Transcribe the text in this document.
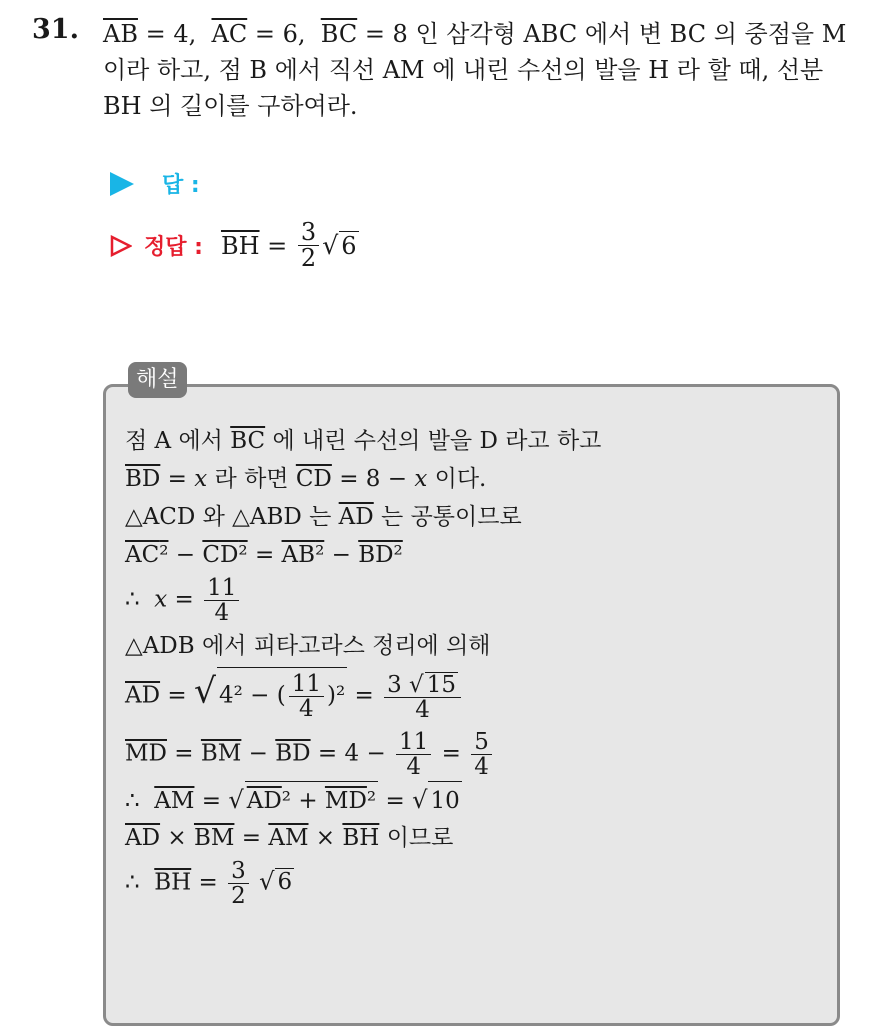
31. $\overline{AB} = 4$,  $\overline{AC} = 6$,  $\overline{BC} = 8$ 인 삼각형 ABC 에서 변 BC 의 중점을 M
이라 하고, 점 B 에서 직선 AM 에 내린 수선의 발을 H 라 할 때, 선분
BH 의 길이를 구하여라.
답 :
정답 : $\overline{BH} = \frac{3}{2}$ √ 6
해설
점 A 에서 $\overline{BC}$ 에 내린 수선의 발을 D 라고 하고
$\overline{BD} = x$ 라 하면 $\overline{CD} = 8 - x$ 이다.
△ACD 와 △ABD 는 $\overline{AD}$ 는 공통이므로
AC² − CD² = AB² − BD²
∴ $x = \frac{11}{4}$
△ADB 에서 피타고라스 정리에 의해
$\overline{AD}$ = √ 4² − ( $\frac{11}{4} )^2 = \frac{3 √ 15}{4}$
$\overline{MD} = \overline{BM} - \overline{BD} = 4 - \frac{11}{4} = \frac{5}{4}$
∴ $\overline{AM}$ = √ $AD^2 + \overline{MD}^2$ = √ 10
$\overline{AD} \times \overline{BM} = \overline{AM} \times \overline{BH}$ 이므로
∴ $\overline{BH} = \frac{3}{2}$ √ 6
